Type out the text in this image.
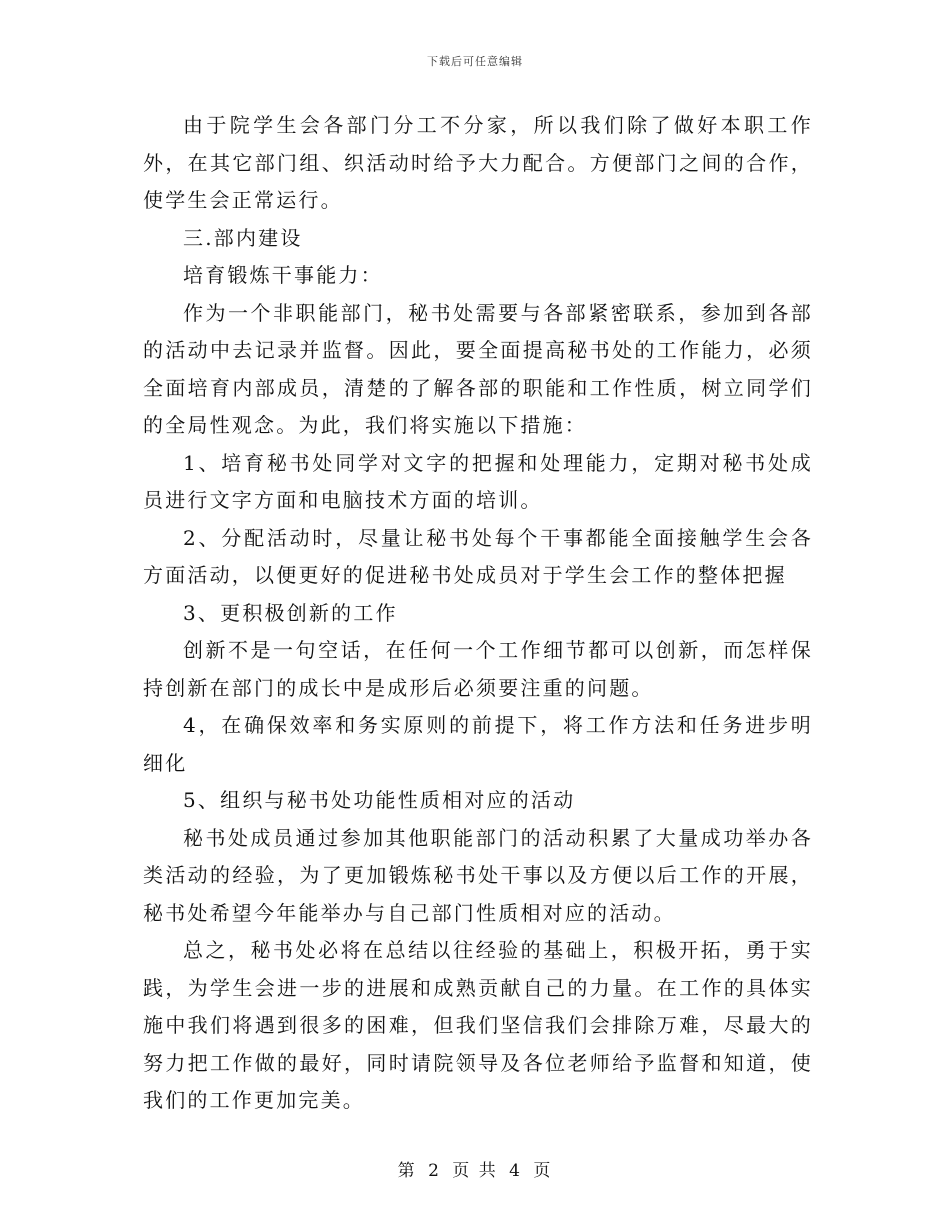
下载后可任意编辑

由于院学生会各部门分工不分家，所以我们除了做好本职工作外，在其它部门组、织活动时给予大力配合。方便部门之间的合作，使学生会正常运行。

三.部内建设

培育锻炼干事能力：

作为一个非职能部门，秘书处需要与各部紧密联系，参加到各部的活动中去记录并监督。因此，要全面提高秘书处的工作能力，必须全面培育内部成员，清楚的了解各部的职能和工作性质，树立同学们的全局性观念。为此，我们将实施以下措施：

1、培育秘书处同学对文字的把握和处理能力，定期对秘书处成员进行文字方面和电脑技术方面的培训。

2、分配活动时，尽量让秘书处每个干事都能全面接触学生会各方面活动，以便更好的促进秘书处成员对于学生会工作的整体把握

3、更积极创新的工作

创新不是一句空话，在任何一个工作细节都可以创新，而怎样保持创新在部门的成长中是成形后必须要注重的问题。

4，在确保效率和务实原则的前提下，将工作方法和任务进步明细化

5、组织与秘书处功能性质相对应的活动

秘书处成员通过参加其他职能部门的活动积累了大量成功举办各类活动的经验，为了更加锻炼秘书处干事以及方便以后工作的开展，秘书处希望今年能举办与自己部门性质相对应的活动。

总之，秘书处必将在总结以往经验的基础上，积极开拓，勇于实践，为学生会进一步的进展和成熟贡献自己的力量。在工作的具体实施中我们将遇到很多的困难，但我们坚信我们会排除万难，尽最大的努力把工作做的最好，同时请院领导及各位老师给予监督和知道，使我们的工作更加完美。

第 2 页 共 4 页
